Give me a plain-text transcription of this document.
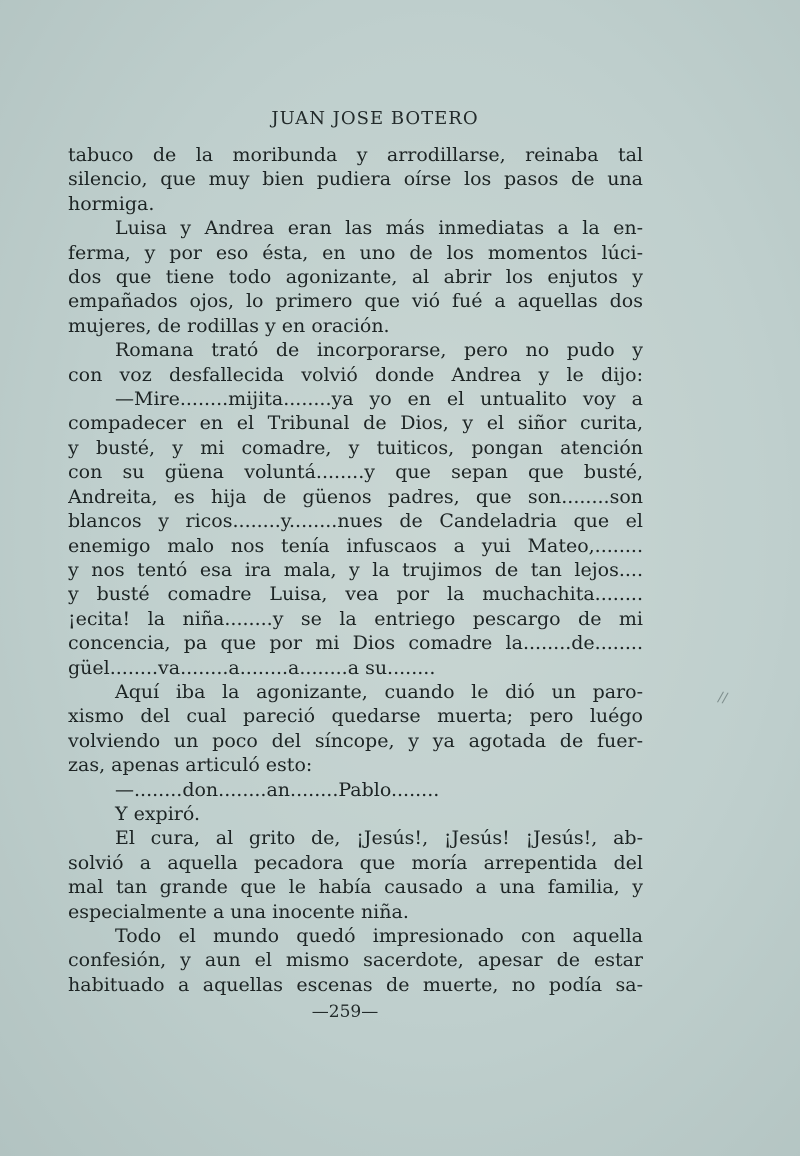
JUAN JOSE BOTERO
tabuco de la moribunda y arrodillarse, reinaba tal
silencio, que muy bien pudiera oírse los pasos de una
hormiga.
Luisa y Andrea eran las más inmediatas a la en-
ferma, y por eso ésta, en uno de los momentos lúci-
dos que tiene todo agonizante, al abrir los enjutos y
empañados ojos, lo primero que vió fué a aquellas dos
mujeres, de rodillas y en oración.
Romana trató de incorporarse, pero no pudo y
con voz desfallecida volvió donde Andrea y le dijo:
—Mire........mijita........ya yo en el untualito voy a
compadecer en el Tribunal de Dios, y el siñor curita,
y busté, y mi comadre, y tuiticos, pongan atención
con su güena voluntá........y que sepan que busté,
Andreita, es hija de güenos padres, que son........son
blancos y ricos........y........nues de Candeladria que el
enemigo malo nos tenía infuscaos a yui Mateo,........
y nos tentó esa ira mala, y la trujimos de tan lejos....
y busté comadre Luisa, vea por la muchachita........
¡ecita! la niña........y se la entriego pescargo de mi
concencia, pa que por mi Dios comadre la........de........
güel........va........a........a........a su........
Aquí iba la agonizante, cuando le dió un paro-
xismo del cual pareció quedarse muerta; pero luégo
volviendo un poco del síncope, y ya agotada de fuer-
zas, apenas articuló esto:
—........don........an........Pablo........
Y expiró.
El cura, al grito de, ¡Jesús!, ¡Jesús! ¡Jesús!, ab-
solvió a aquella pecadora que moría arrepentida del
mal tan grande que le había causado a una familia, y
especialmente a una inocente niña.
Todo el mundo quedó impresionado con aquella
confesión, y aun el mismo sacerdote, apesar de estar
habituado a aquellas escenas de muerte, no podía sa-
//
—259—
